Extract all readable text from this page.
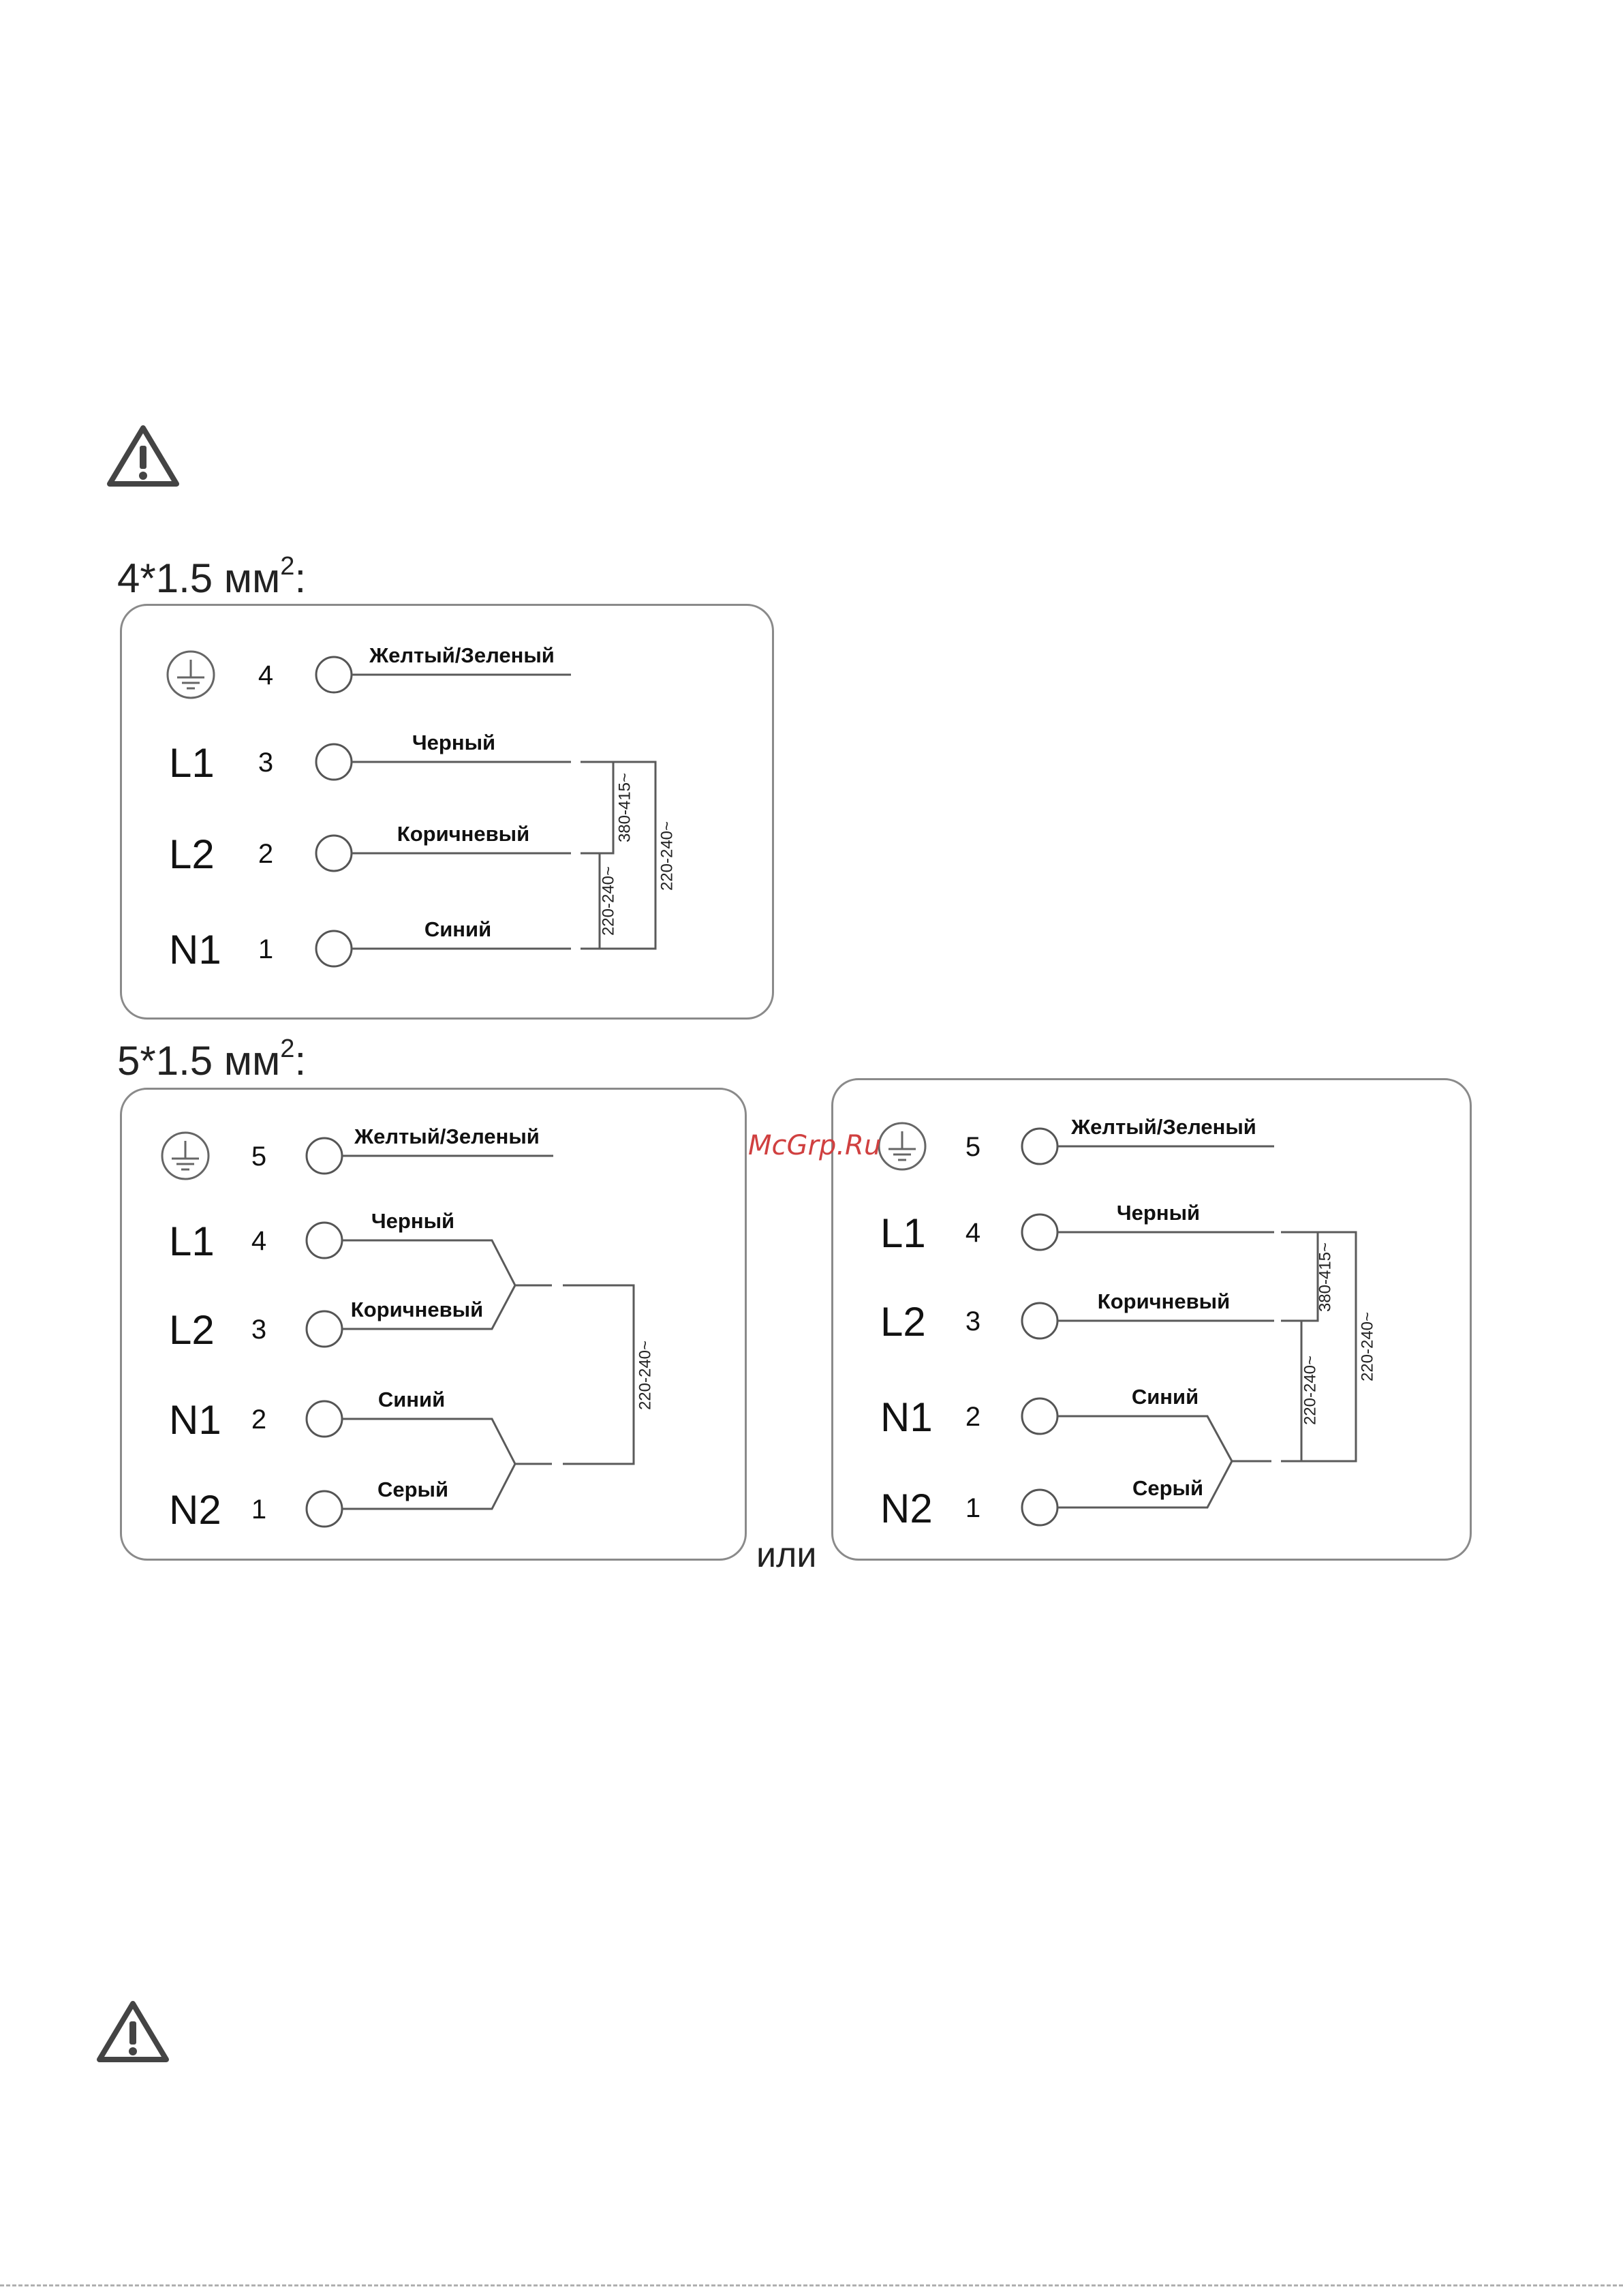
4*1.5 $мм^2$:
4
Желтый/Зеленый
L1 3
Черный
L2 2
Коричневый
N1 1
Синий
380-415~
220-240~
220-240~
5*1.5 $мм^2$:
5
Желтый/Зеленый
L1 4
Черный
L2 3
Коричневый
N1 2
Синий
N2 1
Серый
220-240~
5
Желтый/Зеленый
L1 4
Черный
L2 3
Коричневый
N1 2
Синий
N2 1
Серый
380-415~
220-240~
220-240~
McGrp.Ru
или
